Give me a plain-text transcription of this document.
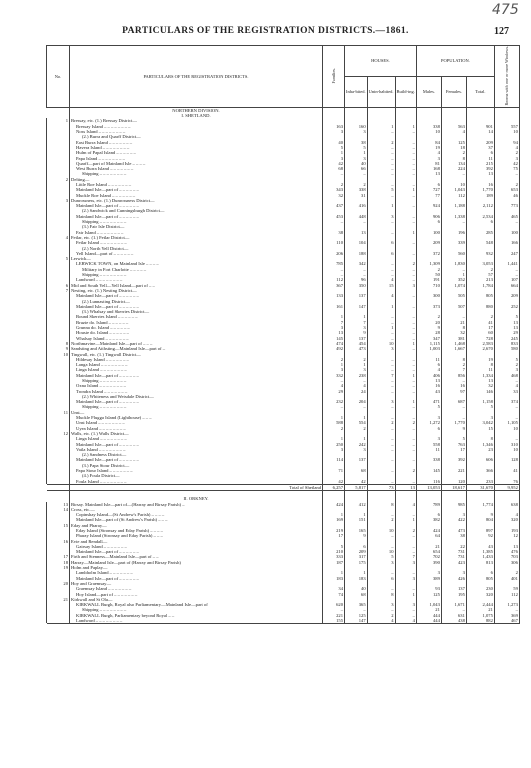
475
PARTICULARS OF THE REGISTRATION DISTRICTS.—1861.	127
No.	PARTICULARS OF THE REGISTRATION DISTRICTS.	Families.	HOUSES.			POPULATION.			Rooms with one or more Windows.
			Inha-bited.	Unin-habited.	Build-ing.	Males.	Females.	Total.	
	NORTHERN DIVISION.								
	I. SHETLAND.								
1	Bressay, etc. (1.) Bressay District—								
	Bressay Island – – – – – – – –	163	160	1	1	338	563	901	557
	Noss Island – – – – – – – –	3	3	–	–	10	4	14	10
	(2.) Burra and Quarff District—								
	East Burra Island – – – – – – –	40	38	2	–	84	125	209	94
	Havera Island – – – – – – – –	5	5	–	–	19	18	37	4
	Hulm of Papal Island – – – – – –	1	1	–	–	4	2	6	2
	Papa Island – – – – – – – –	3	3	–	–	3	8	11	3
	Quarff—part of Mainland Isle – – – –	42	40	–	–	81	134	215	42
	West Burra Island – – – – – – –	68	66	–	–	168	224	392	75
	Shipping – – – – – – – –	–	–	–	–	13	–	13	–
2	Delting—								
	Little Roe Island – – – – – – –	2	2	–	–	6	10	16	2
	Mainland Isle—part of – – – – – –	343	338	5	1	727	1,043	1,770	653
	Muckle Roe Island – – – – – – –	32	31	–	–	77	112	189	46
3	Dunrossness, etc. (1.) Dunrossness District—								
	Mainland Isle—part of – – – – – –	437	416	1	–	924	1,188	2,112	773
	(2.) Sandwick and Cunningsburgh District—								
	Mainland Isle—part of – – – – – –	453	448	3	–	906	1,338	2,534	465
	Shipping – – – – – – – –	–	–	–	–	6	–	6	–
	(3.) Fair Isle District—								
	Fair Island – – – – – – – –	38	13	–	1	100	196	285	100
4	Fetlar, etc. (1.) Fetlar District—								
	Fetlar Island – – – – – – – –	110	104	6	–	209	339	548	166
	(2.) North Yell District—								
	Yell Island—part of – – – – – –	206	188	6	–	372	560	932	247
5	Lerwick—								
	LERWICK TOWN, on Mainland Isle – – – –	785	342	–	2	1,309	1,830	3,053	1,441
	Military in Fort Charlotte – – – – –	–	–	–	–	2	–	2	–
	Shipping – – – – – – – –	–	–	–	–	50	1	57	–
	Landward – – – – – – – –	112	96	4	–	191	352	213	107
6	Mid and South Yell—Yell Island—part of – –	367	350	15	3	710	1,074	1,784	664
7	Nesting, etc. (1.) Nesting District—								
	Mainland Isle—part of – – – – – –	133	137	4	–	300	505	805	209
	(2.) Lunnasting District—								
	Mainland Isle—part of – – – – – –	161	147	1	–	373	507	880	252
	(3.) Whalsay and Skerries District—								
	Bound Skerries Island – – – – – –	1	1	–	–	2	–	2	5
	Bruzie do. Island – – – – – –	7	7	–	–	20	21	41	13
	Grunna do. Island – – – – – –	3	3	1	–	9	8	17	13
	Housie do. Island – – – – – –	13	9	–	–	28	32	60	29
	Whalsay Island – – – – – – –	145	137	–	–	347	381	728	245
8	Northmavine—Mainland Isle—part of – – –	474	454	10	1	1,115	1,468	2,583	833
9	Sandsting and Aithsting—Mainland Isle—part of –	492	473	3	–	1,003	1,667	2,670	580
10	Tingwall, etc. (1.) Tingwall District—								
	Hildesay Island – – – – – – –	2	2	–	–	11	8	19	5
	Langa Island – – – – – – – –	1	1	–	–	6	2	8	2
	Linga Island – – – – – – – –	3	3	–	–	4	7	11	3
	Mainland Isle—part of – – – – – –	332	238	7	1	406	856	1,334	468
	Shipping – – – – – – – –	–	–	–	–	13	–	13	–
	Oxna Island – – – – – – – –	4	4	–	–	16	16	32	4
	Trondra Island – – – – – – –	29	24	–	–	43	97	146	33
	(2.) Whiteness and Weisdale District—								
	Mainland Isle—part of – – – – – –	232	204	3	1	471	687	1,158	374
	Shipping – – – – – – – –	–	–	–	–	5	–	5	–
11	Unst—								
	Muckle Flugga Island (Lighthouse) – – –	1	1	–	–	3	–	3	–
	Unst Island – – – – – – – –	588	554	2	2	1,272	1,770	3,042	1,105
	Uyea Island – – – – – – – –	2	2	–	–	6	9	15	10
12	Walls, etc. (1.) Walls District—								
	Linga Island – – – – – – – –	1	1	–	–	3	5	8	–
	Mainland Isle—part of – – – – – –	250	242	–	–	558	763	1,346	310
	Vaila Island – – – – – – – –	3	3	–	–	11	17	23	10
	(2.) Sandness District—								
	Mainland Isle—part of – – – – – –	114	137	–	–	338	392	606	128
	(3.) Papa Stour District—								
	Papa Stour Island – – – – – – –	71	68	–	2	145	221	366	41
	(4.) Foula District—								
	Foula Island – – – – – – – –	42	42	–	–	116	120	233	76

	Total of Shetland	6,257	5,817	73	13	13,053	18,617	31,670	9,952

	II. ORKNEY.								
13	Birsay. Mainland Isle—part of—(Harray and Birsay Parish) –	424	412	8	4	789	985	1,774	638
14	Cross, etc.—								
	Copinshay Island—(St Andrew's Parish) – – – –	1	1	–	–	6	3	9	4
	Mainland Isle—part of (St Andrew's Parish) – – –	169	151	2	1	382	422	804	320
15	Eday and Pharay—								
	Eday Island (Stronsay and Eday Parish) – – – –	219	165	10	2	424	473	897	193
	Pharay Island (Stronsay and Eday Parish) – – –	17	9	–	–	64	38	92	12
16	Evie and Rendall—								
	Gairsay Island – – – – – – –	5	6	–	–	21	22	43	13
	Mainland Isle—part of – – – – – –	210	209	10	–	654	731	1,385	476
17	Firth and Stenness—Mainland Isle—part of – –	333	317	5	7	702	731	1,433	703
18	Harray—Mainland Isle—part of (Harray and Birsay Parish)	187	175	3	3	390	423	813	306
19	Holm and Paplay—								
	Lambholm Island – – – – – – –	1	1	–	–	3	3	6	2
	Mainland Isle—part of – – – – – –	183	183	6	3	389	426	805	401
20	Hoy and Graemsay—								
	Graemsay Island – – – – – – –	34	40	–	–	93	137	230	59
	Hoy Island—part of – – – – – – –	74	68	8	1	125	195	320	112
21	Kirkwall and St Ola—								
	KIRKWALL Burgh, Royal also Parliamentary—Mainland Isle—part of	620	365	3	3	1,043	1,671	2,444	1,273
	Shipping – – – – – – – –	–	–	–	–	21	–	21	–
	KIRKWALL Burgh, Parliamentary beyond Royal – –	221	125	2	–	444	631	1,075	369
	Landward – – – – – – – –	155	147	4	4	444	438	882	467
